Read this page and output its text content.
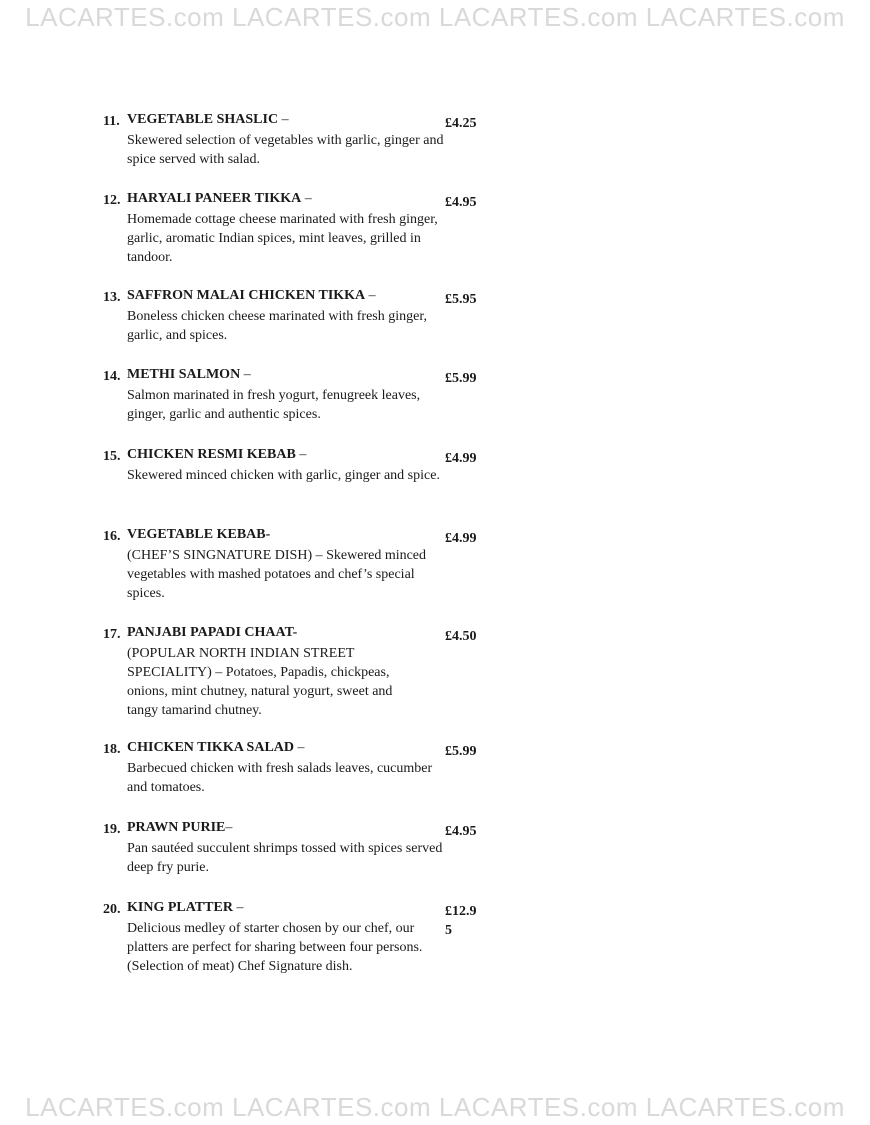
LACARTES.com LACARTES.com LACARTES.com LACARTES.com
11. VEGETABLE SHASLIC –	£4.25
Skewered selection of vegetables with garlic, ginger and spice served with salad.
12. HARYALI PANEER TIKKA –	£4.95
Homemade cottage cheese marinated with fresh ginger, garlic, aromatic Indian spices, mint leaves, grilled in tandoor.
13. SAFFRON MALAI CHICKEN TIKKA –	£5.95
Boneless chicken cheese marinated with fresh ginger, garlic, and spices.
14. METHI SALMON –	£5.99
Salmon marinated in fresh yogurt, fenugreek leaves, ginger, garlic and authentic spices.
15. CHICKEN RESMI KEBAB –	£4.99
Skewered minced chicken with garlic, ginger and spice.
16. VEGETABLE KEBAB-	£4.99
(CHEF’S SINGNATURE DISH) – Skewered minced vegetables with mashed potatoes and chef’s special spices.
17. PANJABI PAPADI CHAAT-	£4.50
(POPULAR NORTH INDIAN STREET SPECIALITY) – Potatoes, Papadis, chickpeas, onions, mint chutney, natural yogurt, sweet and tangy tamarind chutney.
18. CHICKEN TIKKA SALAD –	£5.99
Barbecued chicken with fresh salads leaves, cucumber and tomatoes.
19. PRAWN PURIE–	£4.95
Pan sautéed succulent shrimps tossed with spices served deep fry purie.
20. KING PLATTER –	£12.95
Delicious medley of starter chosen by our chef, our platters are perfect for sharing between four persons. (Selection of meat) Chef Signature dish.
LACARTES.com LACARTES.com LACARTES.com LACARTES.com
